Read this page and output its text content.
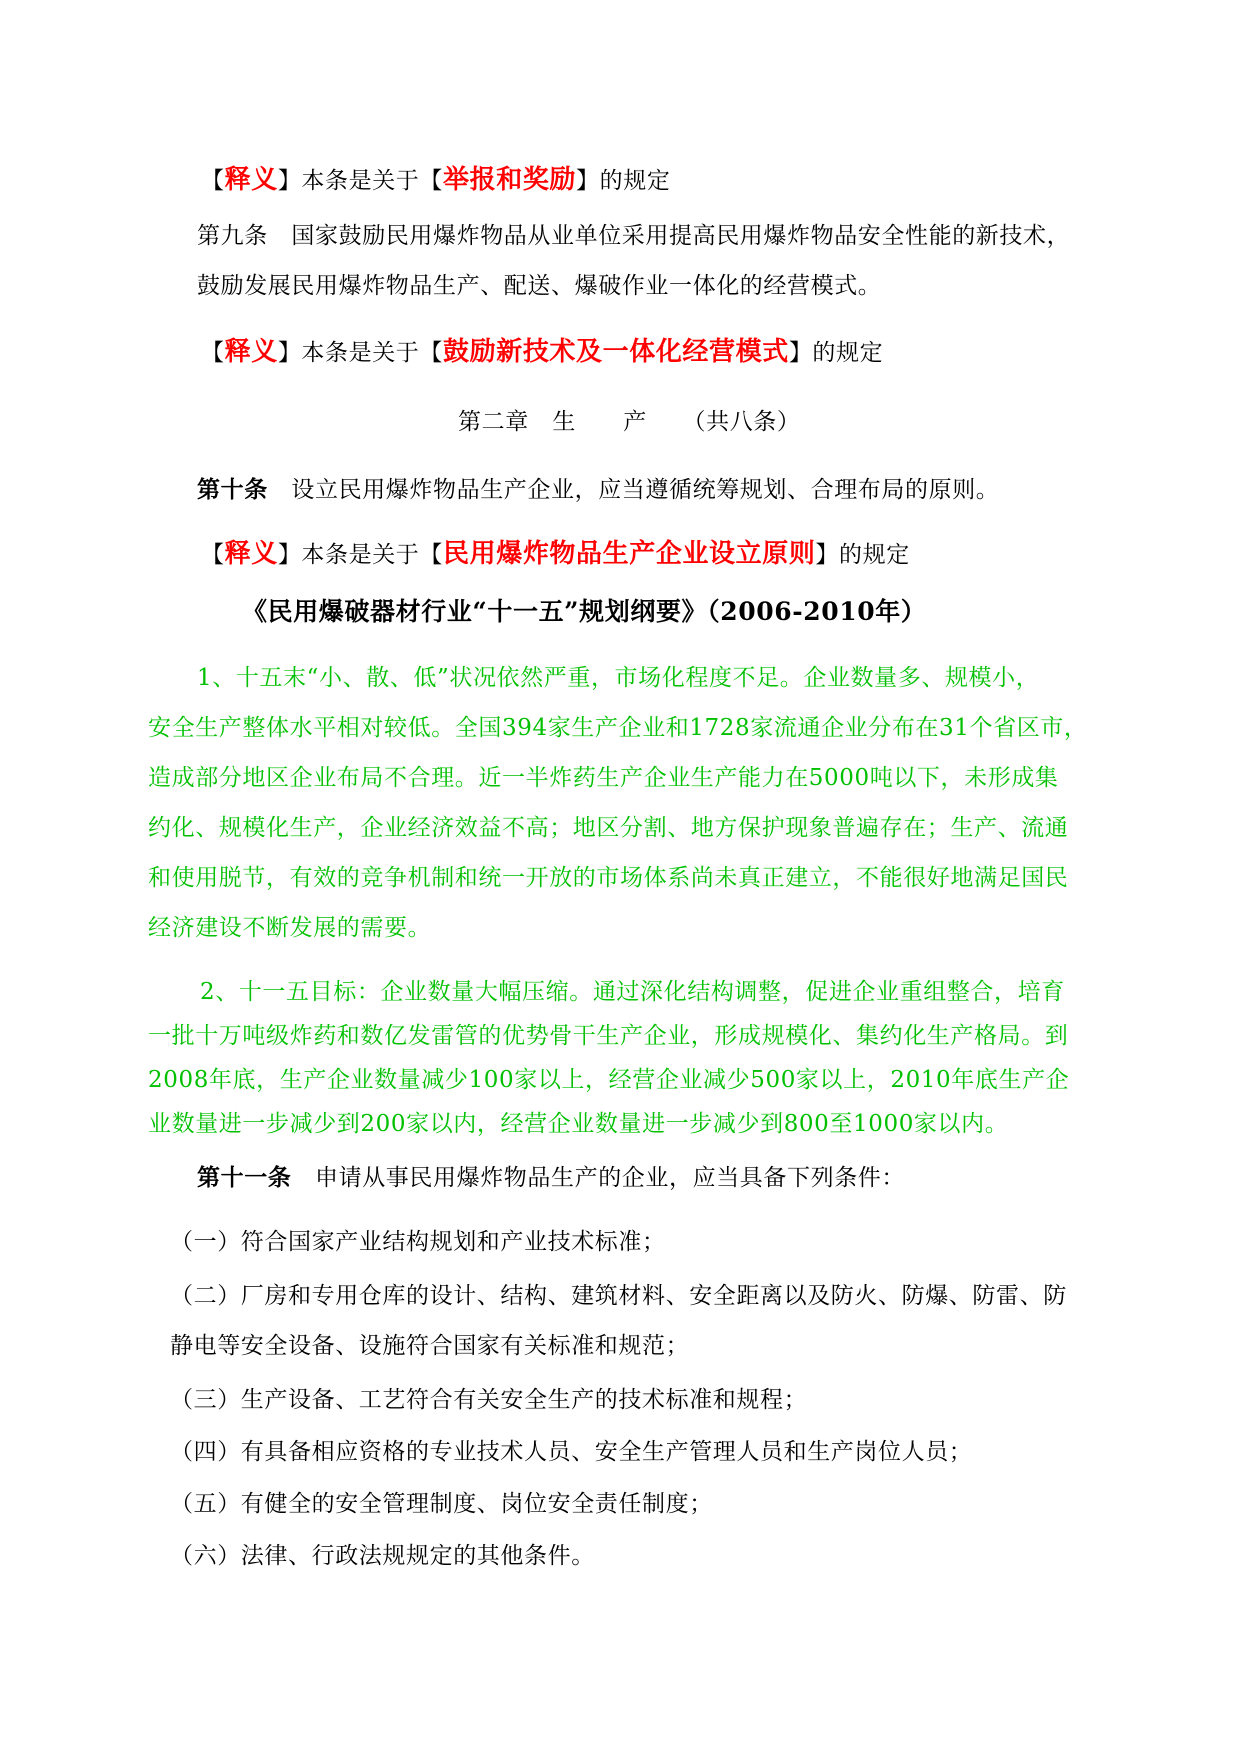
【释义】本条是关于【举报和奖励】的规定
第九条　国家鼓励民用爆炸物品从业单位采用提高民用爆炸物品安全性能的新技术，
鼓励发展民用爆炸物品生产、配送、爆破作业一体化的经营模式。
【释义】本条是关于【鼓励新技术及一体化经营模式】的规定
第二章　生　　产　　（共八条）
第十条　设立民用爆炸物品生产企业，应当遵循统筹规划、合理布局的原则。
【释义】本条是关于【民用爆炸物品生产企业设立原则】的规定
《民用爆破器材行业“十一五”规划纲要》（2006-2010年）
1、十五末“小、散、低”状况依然严重，市场化程度不足。企业数量多、规模小，
安全生产整体水平相对较低。全国394家生产企业和1728家流通企业分布在31个省区市，
造成部分地区企业布局不合理。近一半炸药生产企业生产能力在5000吨以下，未形成集
约化、规模化生产，企业经济效益不高；地区分割、地方保护现象普遍存在；生产、流通
和使用脱节，有效的竞争机制和统一开放的市场体系尚未真正建立，不能很好地满足国民
经济建设不断发展的需要。
2、十一五目标：企业数量大幅压缩。通过深化结构调整，促进企业重组整合，培育
一批十万吨级炸药和数亿发雷管的优势骨干生产企业，形成规模化、集约化生产格局。到
2008年底，生产企业数量减少100家以上，经营企业减少500家以上，2010年底生产企
业数量进一步减少到200家以内，经营企业数量进一步减少到800至1000家以内。
第十一条　申请从事民用爆炸物品生产的企业，应当具备下列条件：
（一）符合国家产业结构规划和产业技术标准；
（二）厂房和专用仓库的设计、结构、建筑材料、安全距离以及防火、防爆、防雷、防
静电等安全设备、设施符合国家有关标准和规范；
（三）生产设备、工艺符合有关安全生产的技术标准和规程；
（四）有具备相应资格的专业技术人员、安全生产管理人员和生产岗位人员；
（五）有健全的安全管理制度、岗位安全责任制度；
（六）法律、行政法规规定的其他条件。
